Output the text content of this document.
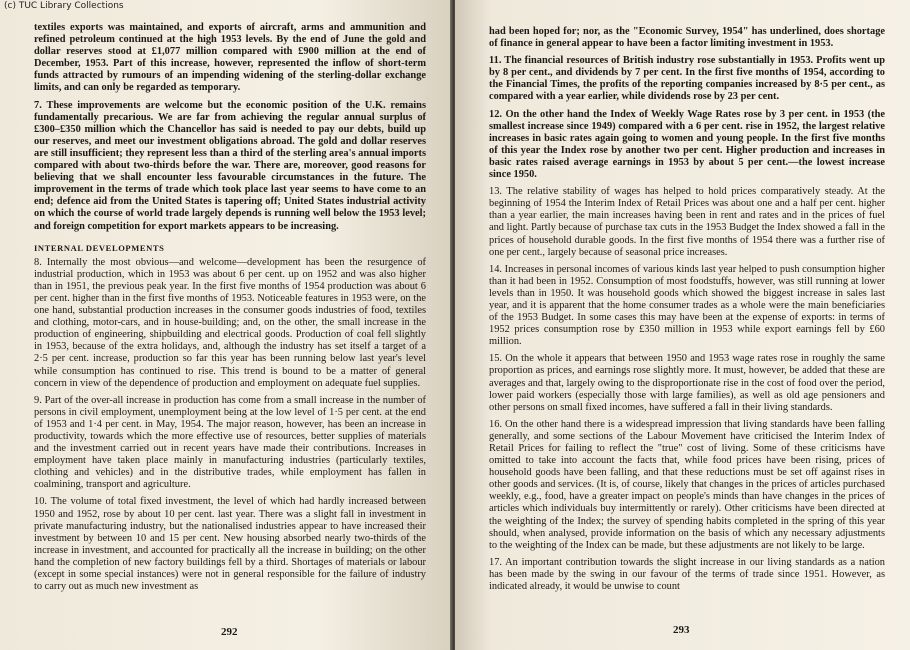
(c) TUC Library Collections

textiles exports was maintained, and exports of aircraft, arms and ammunition and refined petroleum continued at the high 1953 levels. By the end of June the gold and dollar reserves stood at £1,077 million compared with £900 million at the end of December, 1953. Part of this increase, however, represented the inflow of short-term funds attracted by rumours of an impending widening of the sterling-dollar exchange limits, and can only be regarded as temporary.

7. These improvements are welcome but the economic position of the U.K. remains fundamentally precarious. We are far from achieving the regular annual surplus of £300–£350 million which the Chancellor has said is needed to pay our debts, build up our reserves, and meet our investment obligations abroad. The gold and dollar reserves are still insufficient; they represent less than a third of the sterling area's annual imports compared with about two-thirds before the war. There are, moreover, good reasons for believing that we shall encounter less favourable circumstances in the future. The improvement in the terms of trade which took place last year seems to have come to an end; defence aid from the United States is tapering off; United States industrial activity on which the course of world trade largely depends is running well below the 1953 level; and foreign competition for export markets appears to be increasing.

INTERNAL DEVELOPMENTS

8. Internally the most obvious—and welcome—development has been the resurgence of industrial production, which in 1953 was about 6 per cent. up on 1952 and was also higher than in 1951, the previous peak year. In the first five months of 1954 production was about 6 per cent. higher than in the first five months of 1953. Noticeable features in 1953 were, on the one hand, substantial production increases in the consumer goods industries of food, textiles and clothing, motor-cars, and in house-building; and, on the other, the small increase in the production of engineering, shipbuilding and electrical goods. Production of coal fell slightly in 1953, because of the extra holidays, and, although the industry has set itself a target of a 2·5 per cent. increase, production so far this year has been running below last year's level while consumption has continued to rise. This trend is bound to be a matter of general concern in view of the dependence of production and employment on adequate fuel supplies.

9. Part of the over-all increase in production has come from a small increase in the number of persons in civil employment, unemployment being at the low level of 1·5 per cent. at the end of 1953 and 1·4 per cent. in May, 1954. The major reason, however, has been an increase in productivity, towards which the more effective use of resources, better supplies of materials and the investment carried out in recent years have made their contributions. Increases in employment have taken place mainly in manufacturing industries (particularly textiles, clothing and vehicles) and in the distributive trades, while employment has fallen in coalmining, transport and agriculture.

10. The volume of total fixed investment, the level of which had hardly increased between 1950 and 1952, rose by about 10 per cent. last year. There was a slight fall in investment in private manufacturing industry, but the nationalised industries appear to have increased their investment by between 10 and 15 per cent. New housing absorbed nearly two-thirds of the increase in investment, and accounted for practically all the increase in building; on the other hand the completion of new factory buildings fell by a third. Shortages of materials or labour (except in some special instances) were not in general responsible for the failure of industry to carry out as much new investment as

292

had been hoped for; nor, as the "Economic Survey, 1954" has underlined, does shortage of finance in general appear to have been a factor limiting investment in 1953.

11. The financial resources of British industry rose substantially in 1953. Profits went up by 8 per cent., and dividends by 7 per cent. In the first five months of 1954, according to the Financial Times, the profits of the reporting companies increased by 8·5 per cent., as compared with a year earlier, while dividends rose by 23 per cent.

12. On the other hand the Index of Weekly Wage Rates rose by 3 per cent. in 1953 (the smallest increase since 1949) compared with a 6 per cent. rise in 1952, the largest relative increases in basic rates again going to women and young people. In the first five months of this year the Index rose by another two per cent. Higher production and increases in basic rates raised average earnings in 1953 by about 5 per cent.—the lowest increase since 1950.

13. The relative stability of wages has helped to hold prices comparatively steady. At the beginning of 1954 the Interim Index of Retail Prices was about one and a half per cent. higher than a year earlier, the main increases having been in rent and rates and in the prices of fuel and light. Partly because of purchase tax cuts in the 1953 Budget the Index showed a fall in the prices of household durable goods. In the first five months of 1954 there was a further rise of one per cent., largely because of seasonal price increases.

14. Increases in personal incomes of various kinds last year helped to push consumption higher than it had been in 1952. Consumption of most foodstuffs, however, was still running at lower levels than in 1950. It was household goods which showed the biggest increase in sales last year, and it is apparent that the home consumer trades as a whole were the main beneficiaries of the 1953 Budget. In some cases this may have been at the expense of exports: in terms of 1952 prices consumption rose by £350 million in 1953 while export earnings fell by £60 million.

15. On the whole it appears that between 1950 and 1953 wage rates rose in roughly the same proportion as prices, and earnings rose slightly more. It must, however, be added that these are averages and that, largely owing to the disproportionate rise in the cost of food over the period, lower paid workers (especially those with large families), as well as old age pensioners and other persons on small fixed incomes, have suffered a fall in their living standards.

16. On the other hand there is a widespread impression that living standards have been falling generally, and some sections of the Labour Movement have criticised the Interim Index of Retail Prices for failing to reflect the "true" cost of living. Some of these criticisms have omitted to take into account the facts that, while food prices have been rising, prices of household goods have been falling, and that these reductions must be set off against rises in other goods and services. (It is, of course, likely that changes in the prices of articles purchased weekly, e.g., food, have a greater impact on people's minds than have changes in the prices of articles which individuals buy intermittently or rarely). Other criticisms have been directed at the weighting of the Index; the survey of spending habits completed in the spring of this year should, when analysed, provide information on the basis of which any necessary adjustments to the weighting of the Index can be made, but these adjustments are not likely to be large.

17. An important contribution towards the slight increase in our living standards as a nation has been made by the swing in our favour of the terms of trade since 1951. However, as indicated already, it would be unwise to count

293
